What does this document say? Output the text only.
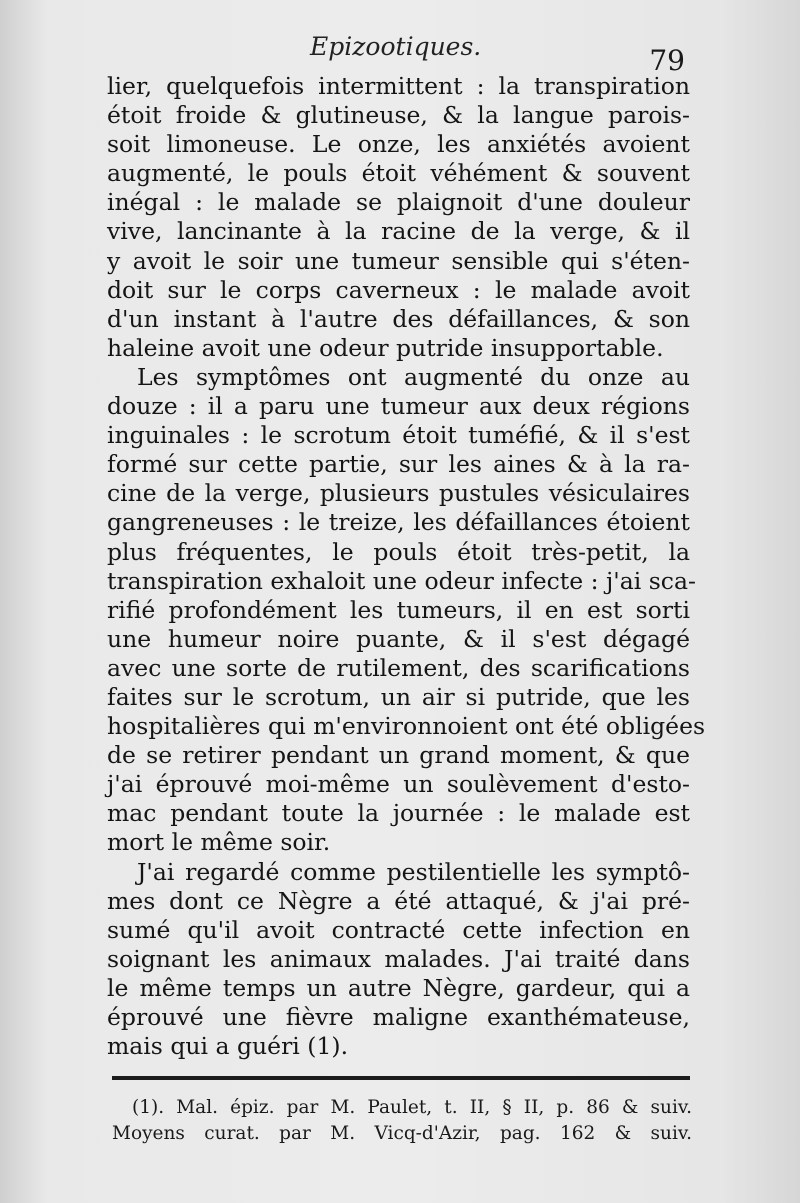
Epizootiques.	79
lier, quelquefois intermittent : la transpiration
étoit froide & glutineuse, & la langue parois-
soit limoneuse. Le onze, les anxiétés avoient
augmenté, le pouls étoit véhément & souvent
inégal : le malade se plaignoit d'une douleur
vive, lancinante à la racine de la verge, & il
y avoit le soir une tumeur sensible qui s'éten-
doit sur le corps caverneux : le malade avoit
d'un instant à l'autre des défaillances, & son
haleine avoit une odeur putride insupportable.
Les symptômes ont augmenté du onze au
douze : il a paru une tumeur aux deux régions
inguinales : le scrotum étoit tuméfié, & il s'est
formé sur cette partie, sur les aines & à la ra-
cine de la verge, plusieurs pustules vésiculaires
gangreneuses : le treize, les défaillances étoient
plus fréquentes, le pouls étoit très-petit, la
transpiration exhaloit une odeur infecte : j'ai sca-
rifié profondément les tumeurs, il en est sorti
une humeur noire puante, & il s'est dégagé
avec une sorte de rutilement, des scarifications
faites sur le scrotum, un air si putride, que les
hospitalières qui m'environnoient ont été obligées
de se retirer pendant un grand moment, & que
j'ai éprouvé moi-même un soulèvement d'esto-
mac pendant toute la journée : le malade est
mort le même soir.
J'ai regardé comme pestilentielle les symptô-
mes dont ce Nègre a été attaqué, & j'ai pré-
sumé qu'il avoit contracté cette infection en
soignant les animaux malades. J'ai traité dans
le même temps un autre Nègre, gardeur, qui a
éprouvé une fièvre maligne exanthémateuse,
mais qui a guéri (1).
(1). Mal. épiz. par M. Paulet, t. II, § II, p. 86 & suiv.
Moyens curat. par M. Vicq-d'Azir, pag. 162 & suiv.
